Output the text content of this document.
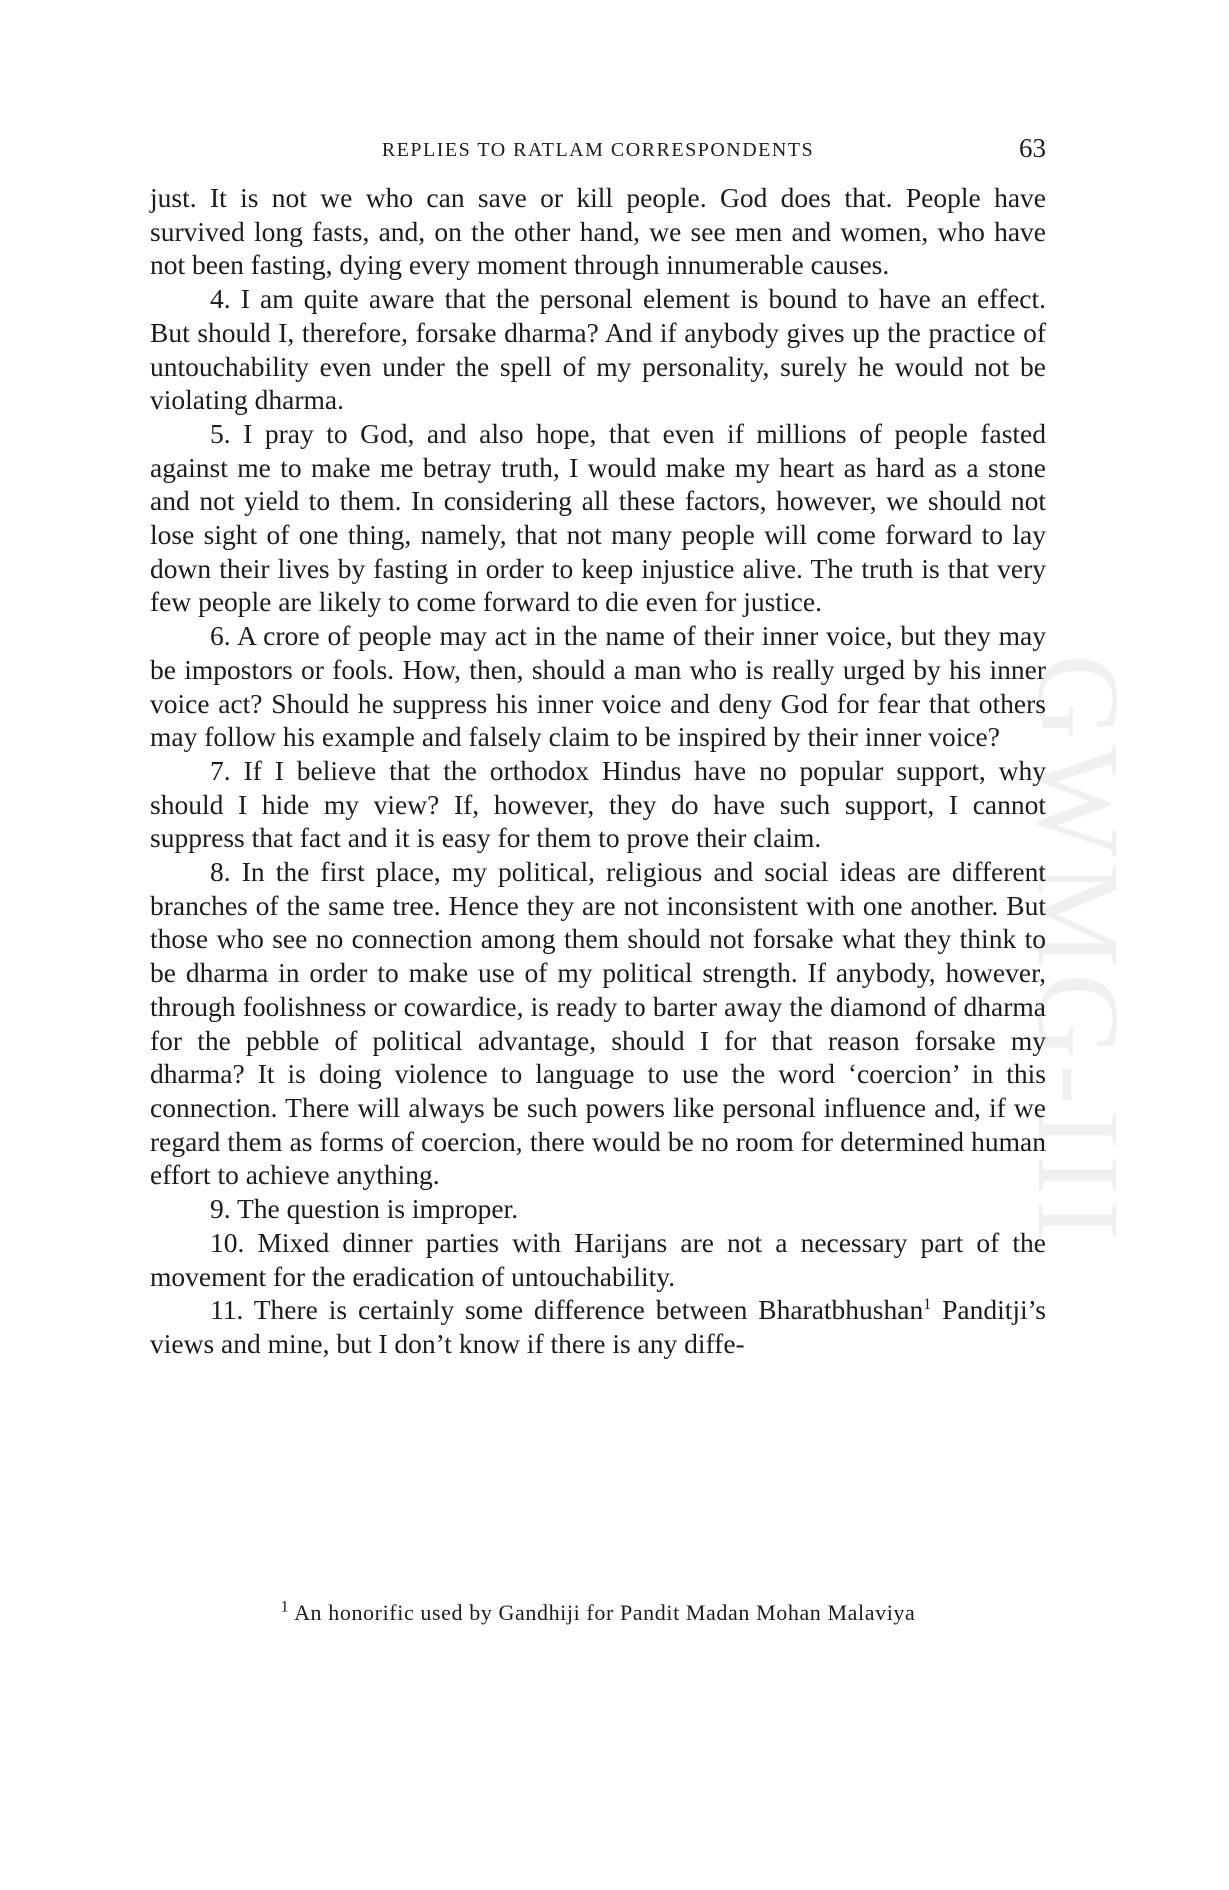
GWMG-III
REPLIES TO RATLAM CORRESPONDENTS	63

just. It is not we who can save or kill people. God does that. People have survived long fasts, and, on the other hand, we see men and women, who have not been fasting, dying every moment through innumerable causes.

4. I am quite aware that the personal element is bound to have an effect. But should I, therefore, forsake dharma? And if anybody gives up the practice of untouchability even under the spell of my personality, surely he would not be violating dharma.

5. I pray to God, and also hope, that even if millions of people fasted against me to make me betray truth, I would make my heart as hard as a stone and not yield to them. In considering all these factors, however, we should not lose sight of one thing, namely, that not many people will come forward to lay down their lives by fasting in order to keep injustice alive. The truth is that very few people are likely to come forward to die even for justice.

6. A crore of people may act in the name of their inner voice, but they may be impostors or fools. How, then, should a man who is really urged by his inner voice act? Should he suppress his inner voice and deny God for fear that others may follow his example and falsely claim to be inspired by their inner voice?

7. If I believe that the orthodox Hindus have no popular support, why should I hide my view? If, however, they do have such support, I cannot suppress that fact and it is easy for them to prove their claim.

8. In the first place, my political, religious and social ideas are different branches of the same tree. Hence they are not inconsistent with one another. But those who see no connection among them should not forsake what they think to be dharma in order to make use of my political strength. If anybody, however, through foolishness or cowardice, is ready to barter away the diamond of dharma for the pebble of political advantage, should I for that reason forsake my dharma? It is doing violence to language to use the word ‘coercion’ in this connection. There will always be such powers like personal influence and, if we regard them as forms of coercion, there would be no room for determined human effort to achieve anything.

9. The question is improper.

10. Mixed dinner parties with Harijans are not a necessary part of the movement for the eradication of untouchability.

11. There is certainly some difference between Bharatbhushan$^1$ Panditji’s views and mine, but I don’t know if there is any diffe-

$^1$ An honorific used by Gandhiji for Pandit Madan Mohan Malaviya
